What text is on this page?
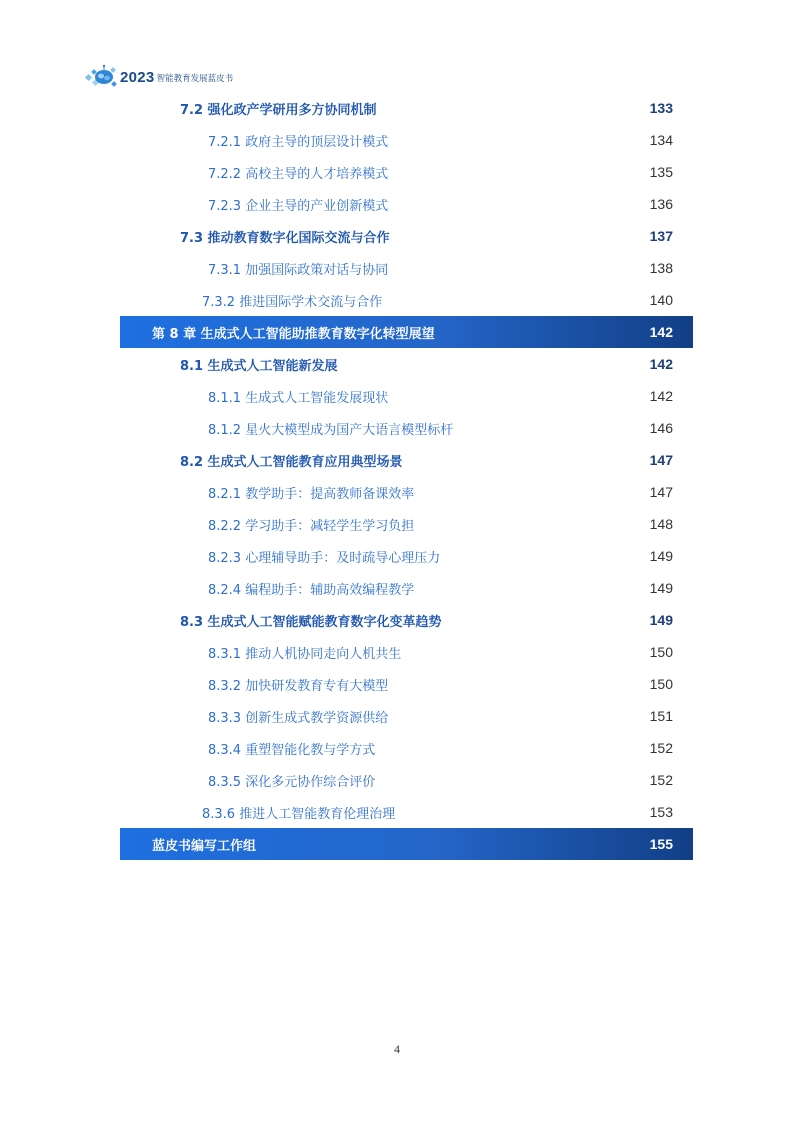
2023 智能教育发展蓝皮书
7.2 强化政产学研用多方协同机制	133
7.2.1 政府主导的顶层设计模式	134
7.2.2 高校主导的人才培养模式	135
7.2.3 企业主导的产业创新模式	136
7.3 推动教育数字化国际交流与合作	137
7.3.1 加强国际政策对话与协同	138
7.3.2 推进国际学术交流与合作	140
第 8 章 生成式人工智能助推教育数字化转型展望	142
8.1 生成式人工智能新发展	142
8.1.1 生成式人工智能发展现状	142
8.1.2 星火大模型成为国产大语言模型标杆	146
8.2 生成式人工智能教育应用典型场景	147
8.2.1 教学助手：提高教师备课效率	147
8.2.2 学习助手：减轻学生学习负担	148
8.2.3 心理辅导助手：及时疏导心理压力	149
8.2.4 编程助手：辅助高效编程教学	149
8.3 生成式人工智能赋能教育数字化变革趋势	149
8.3.1 推动人机协同走向人机共生	150
8.3.2 加快研发教育专有大模型	150
8.3.3 创新生成式教学资源供给	151
8.3.4 重塑智能化教与学方式	152
8.3.5 深化多元协作综合评价	152
8.3.6 推进人工智能教育伦理治理	153
蓝皮书编写工作组	155
4
